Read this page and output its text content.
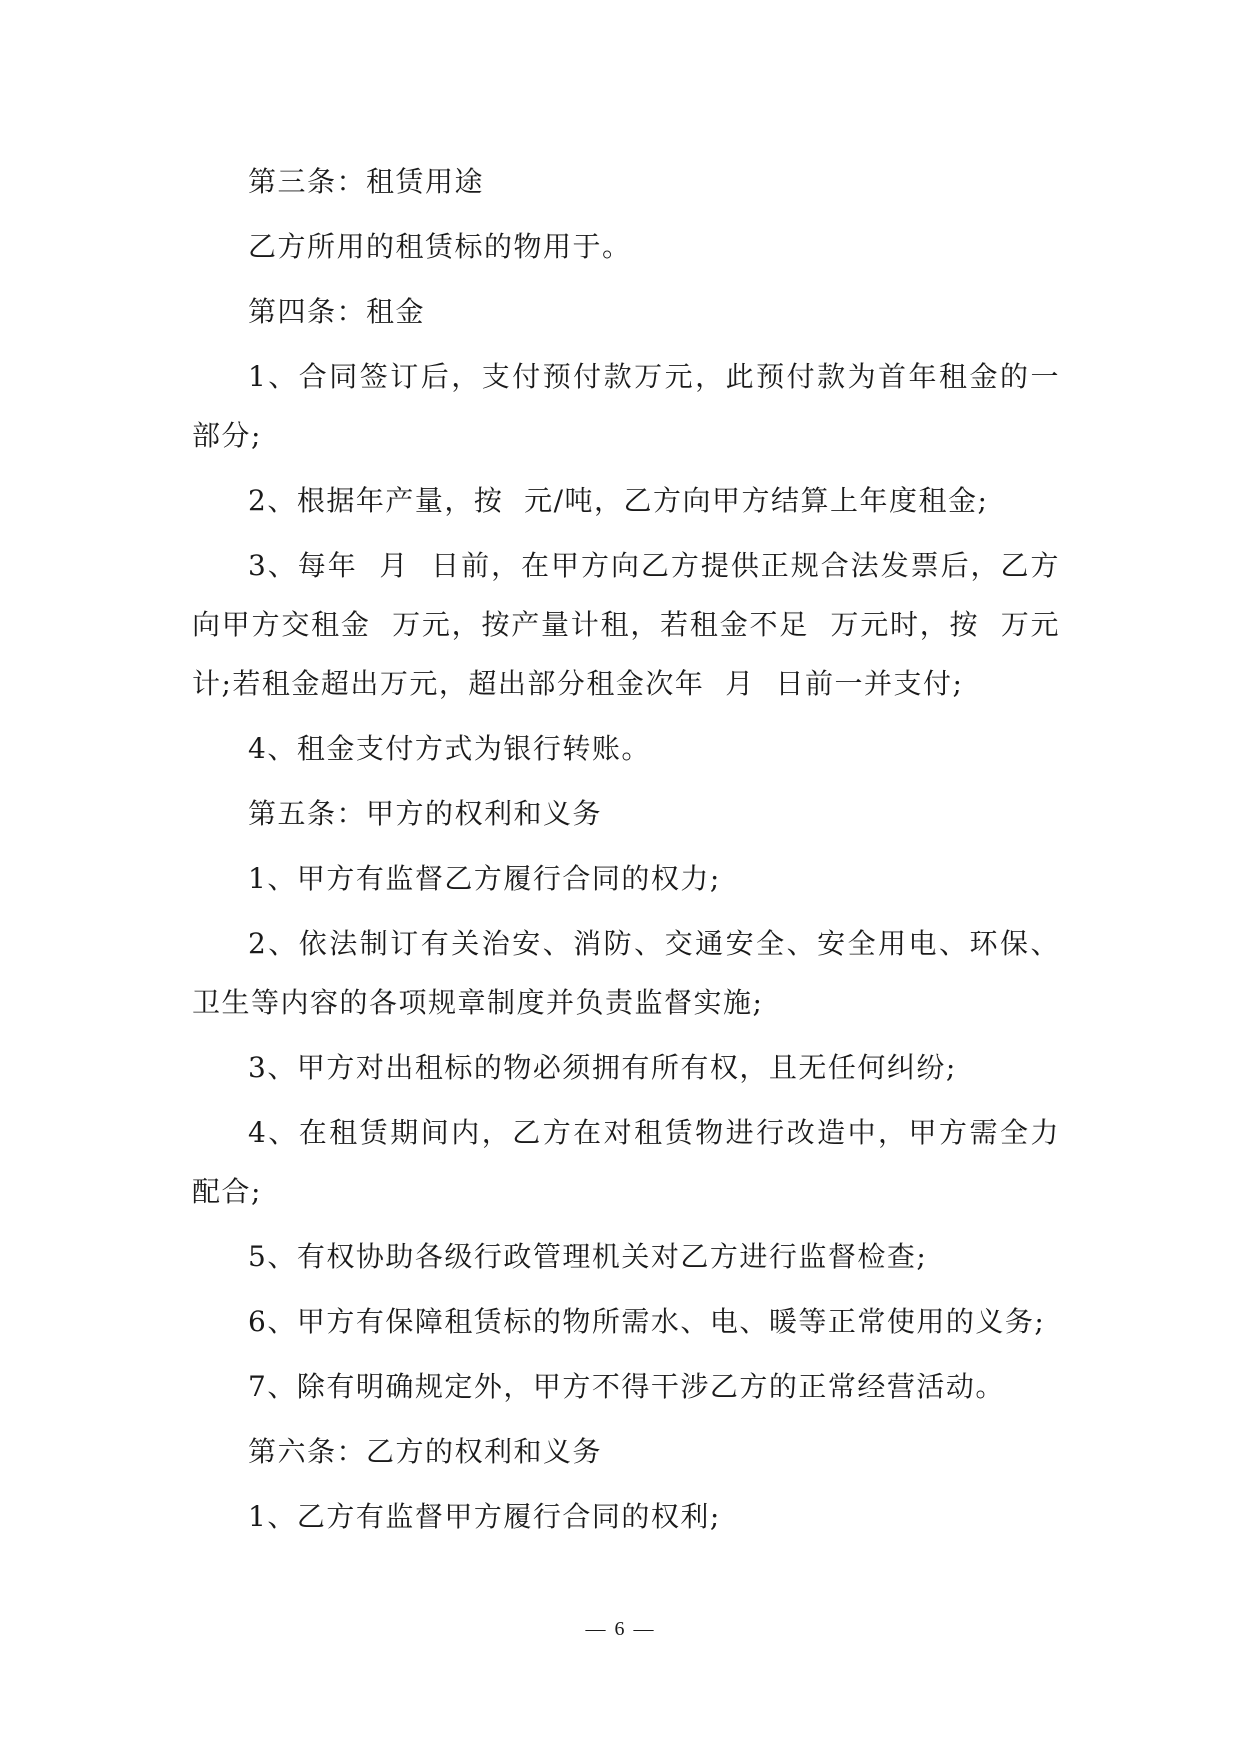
第三条：租赁用途

乙方所用的租赁标的物用于。

第四条：租金

1、合同签订后，支付预付款万元，此预付款为首年租金的一部分;

2、根据年产量，按  元/吨，乙方向甲方结算上年度租金;

3、每年  月  日前，在甲方向乙方提供正规合法发票后，乙方向甲方交租金  万元，按产量计租，若租金不足  万元时，按  万元计;若租金超出万元，超出部分租金次年  月  日前一并支付;

4、租金支付方式为银行转账。

第五条：甲方的权利和义务

1、甲方有监督乙方履行合同的权力;

2、依法制订有关治安、消防、交通安全、安全用电、环保、卫生等内容的各项规章制度并负责监督实施;

3、甲方对出租标的物必须拥有所有权，且无任何纠纷;

4、在租赁期间内，乙方在对租赁物进行改造中，甲方需全力配合;

5、有权协助各级行政管理机关对乙方进行监督检查;

6、甲方有保障租赁标的物所需水、电、暖等正常使用的义务;

7、除有明确规定外，甲方不得干涉乙方的正常经营活动。

第六条：乙方的权利和义务

1、乙方有监督甲方履行合同的权利;

— 6 —
